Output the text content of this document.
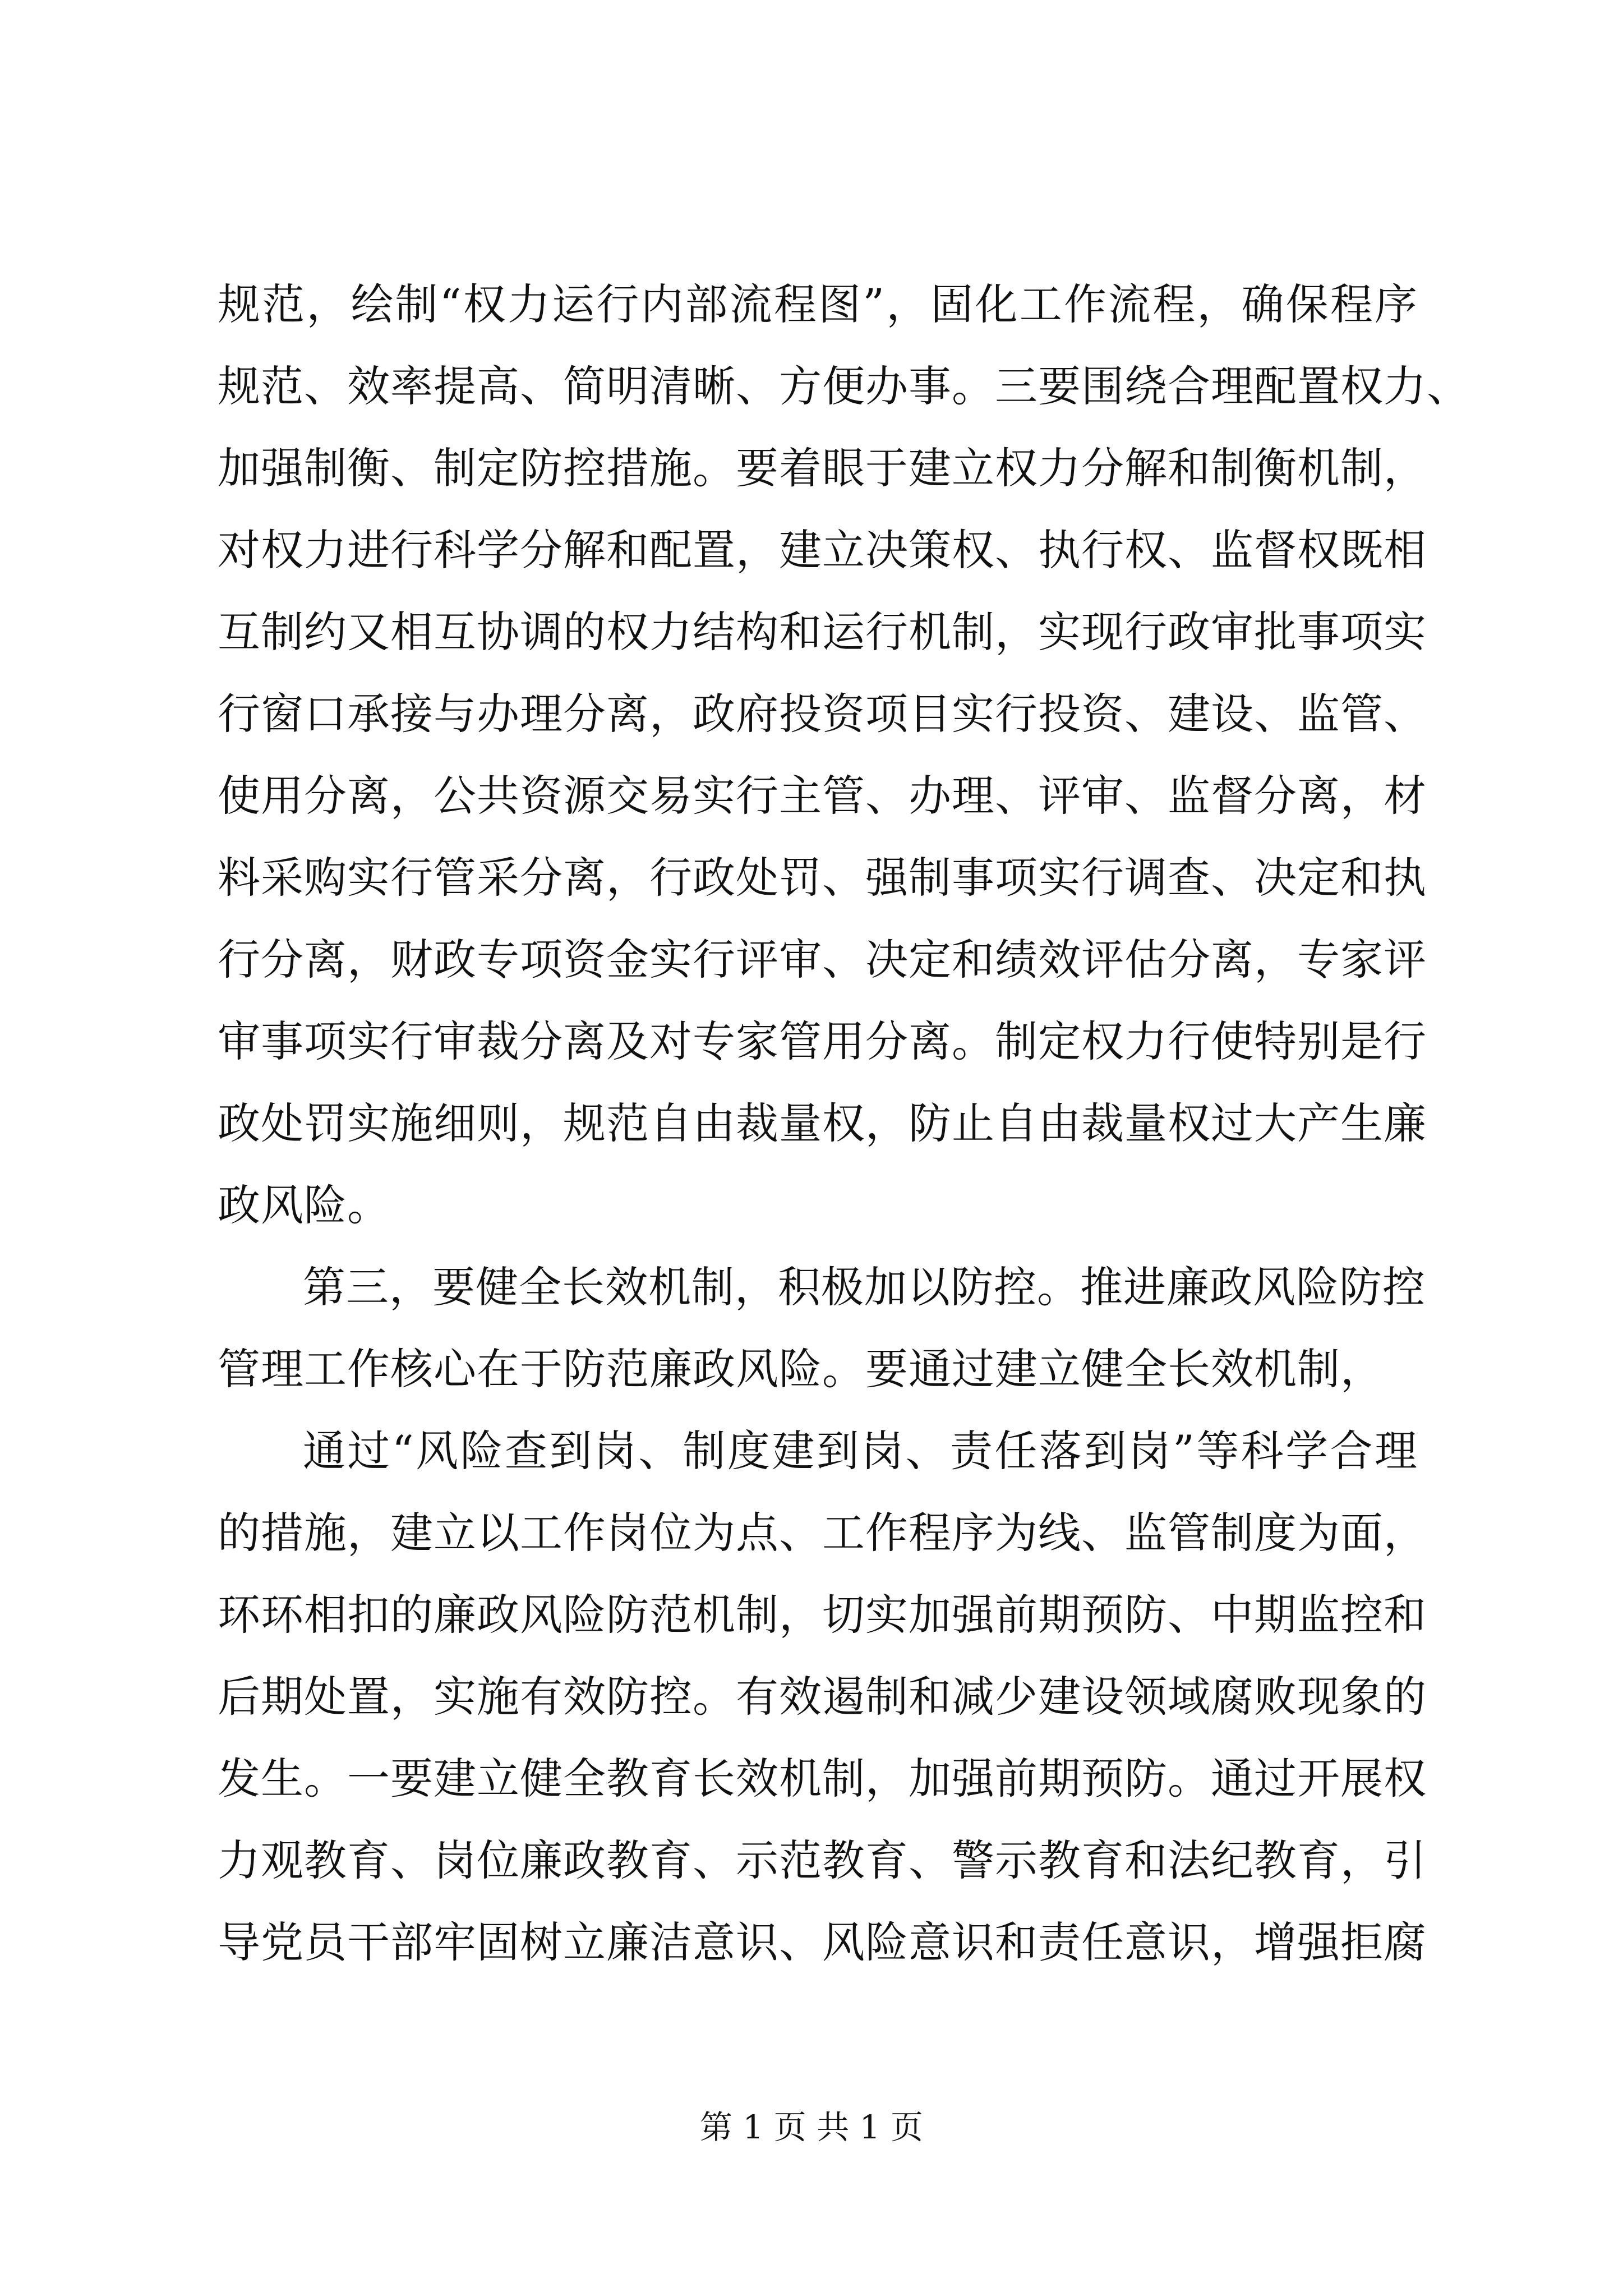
规范，绘制“权力运行内部流程图”，固化工作流程，确保程序
规范、效率提高、简明清晰、方便办事。三要围绕合理配置权力、
加强制衡、制定防控措施。要着眼于建立权力分解和制衡机制，
对权力进行科学分解和配置，建立决策权、执行权、监督权既相
互制约又相互协调的权力结构和运行机制，实现行政审批事项实
行窗口承接与办理分离，政府投资项目实行投资、建设、监管、
使用分离，公共资源交易实行主管、办理、评审、监督分离，材
料采购实行管采分离，行政处罚、强制事项实行调查、决定和执
行分离，财政专项资金实行评审、决定和绩效评估分离，专家评
审事项实行审裁分离及对专家管用分离。制定权力行使特别是行
政处罚实施细则，规范自由裁量权，防止自由裁量权过大产生廉
政风险。
第三，要健全长效机制，积极加以防控。推进廉政风险防控
管理工作核心在于防范廉政风险。要通过建立健全长效机制，
通过“风险查到岗、制度建到岗、责任落到岗”等科学合理
的措施，建立以工作岗位为点、工作程序为线、监管制度为面，
环环相扣的廉政风险防范机制，切实加强前期预防、中期监控和
后期处置，实施有效防控。有效遏制和减少建设领域腐败现象的
发生。一要建立健全教育长效机制，加强前期预防。通过开展权
力观教育、岗位廉政教育、示范教育、警示教育和法纪教育，引
导党员干部牢固树立廉洁意识、风险意识和责任意识，增强拒腐
第 1 页 共 1 页
